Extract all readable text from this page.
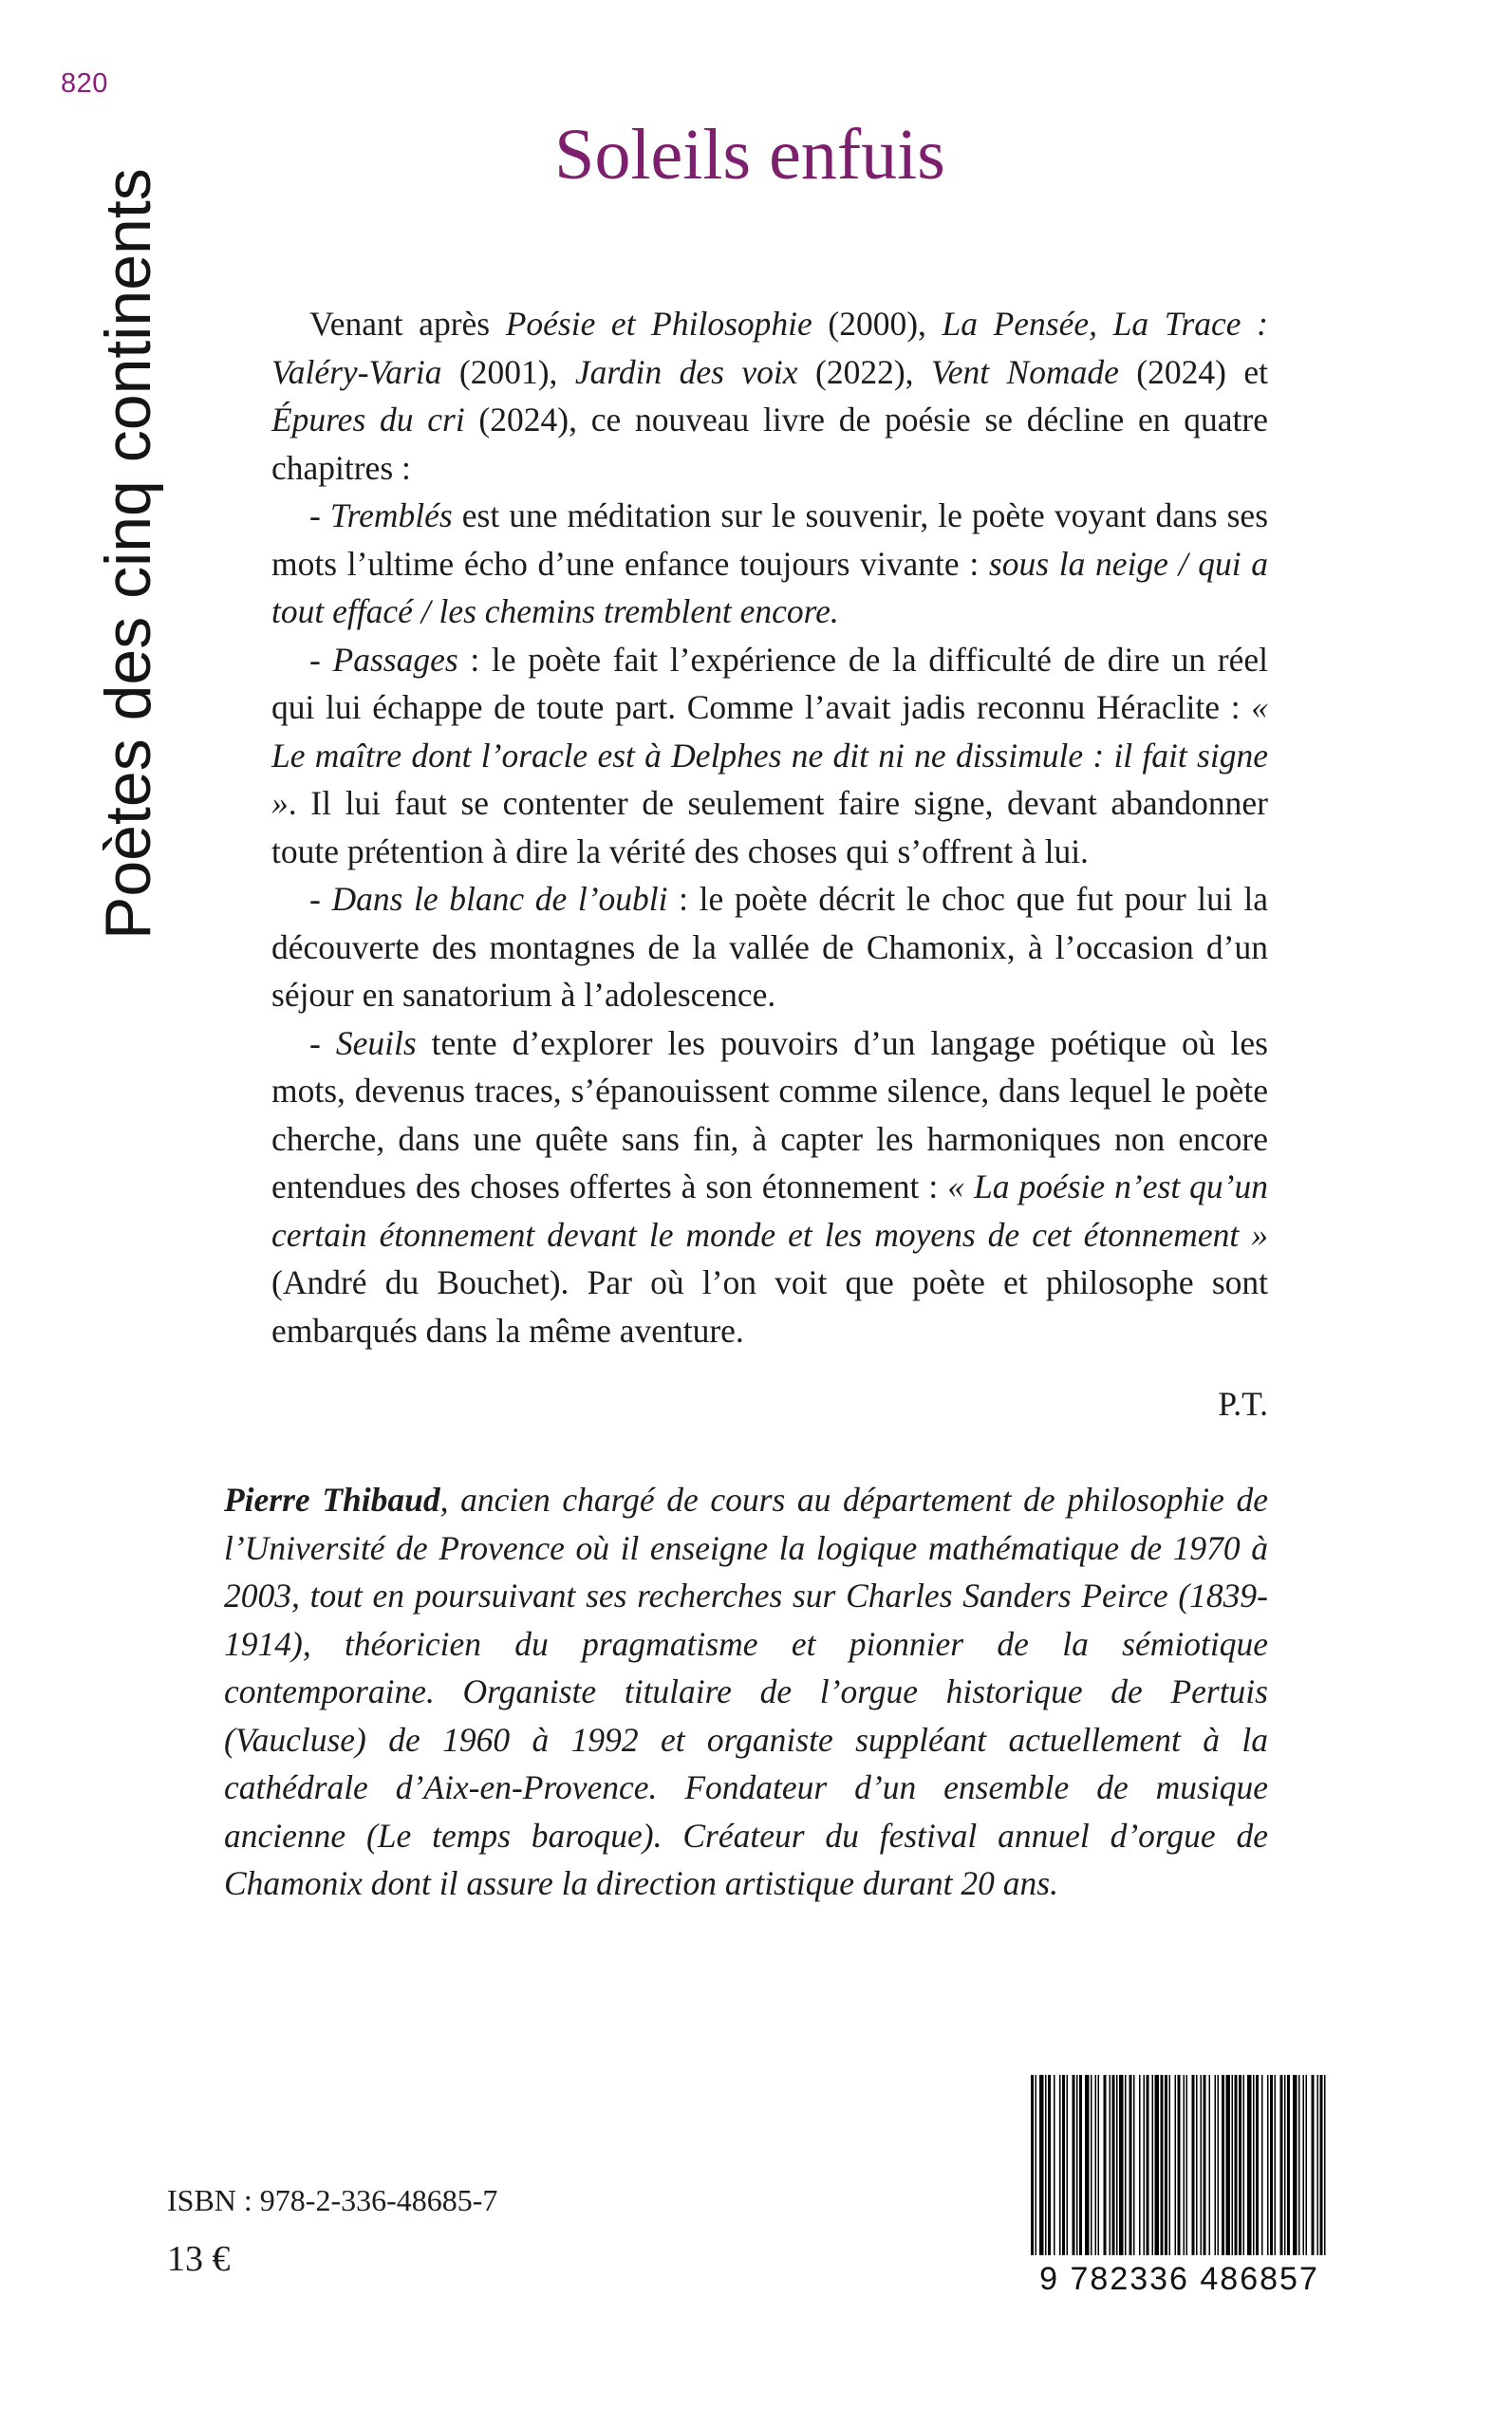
820
Poètes des cinq continents
Soleils enfuis

Venant après Poésie et Philosophie (2000), La Pensée, La Trace : Valéry-Varia (2001), Jardin des voix (2022), Vent Nomade (2024) et Épures du cri (2024), ce nouveau livre de poésie se décline en quatre chapitres :

- Tremblés est une méditation sur le souvenir, le poète voyant dans ses mots l’ultime écho d’une enfance toujours vivante : sous la neige / qui a tout effacé / les chemins tremblent encore.

- Passages : le poète fait l’expérience de la difficulté de dire un réel qui lui échappe de toute part. Comme l’avait jadis reconnu Héraclite : « Le maître dont l’oracle est à Delphes ne dit ni ne dissimule : il fait signe ». Il lui faut se contenter de seulement faire signe, devant abandonner toute prétention à dire la vérité des choses qui s’offrent à lui.

- Dans le blanc de l’oubli : le poète décrit le choc que fut pour lui la découverte des montagnes de la vallée de Chamonix, à l’occasion d’un séjour en sanatorium à l’adolescence.

- Seuils tente d’explorer les pouvoirs d’un langage poétique où les mots, devenus traces, s’épanouissent comme silence, dans lequel le poète cherche, dans une quête sans fin, à capter les harmoniques non encore entendues des choses offertes à son étonnement : « La poésie n’est qu’un certain étonnement devant le monde et les moyens de cet étonnement » (André du Bouchet). Par où l’on voit que poète et philosophe sont embarqués dans la même aventure.

P.T.
Pierre Thibaud, ancien chargé de cours au département de philosophie de l’Université de Provence où il enseigne la logique mathématique de 1970 à 2003, tout en poursuivant ses recherches sur Charles Sanders Peirce (1839-1914), théoricien du pragmatisme et pionnier de la sémiotique contemporaine. Organiste titulaire de l’orgue historique de Pertuis (Vaucluse) de 1960 à 1992 et organiste suppléant actuellement à la cathédrale d’Aix-en-Provence. Fondateur d’un ensemble de musique ancienne (Le temps baroque). Créateur du festival annuel d’orgue de Chamonix dont il assure la direction artistique durant 20 ans.
ISBN : 978-2-336-48685-7
13 €	9 782336 486857
